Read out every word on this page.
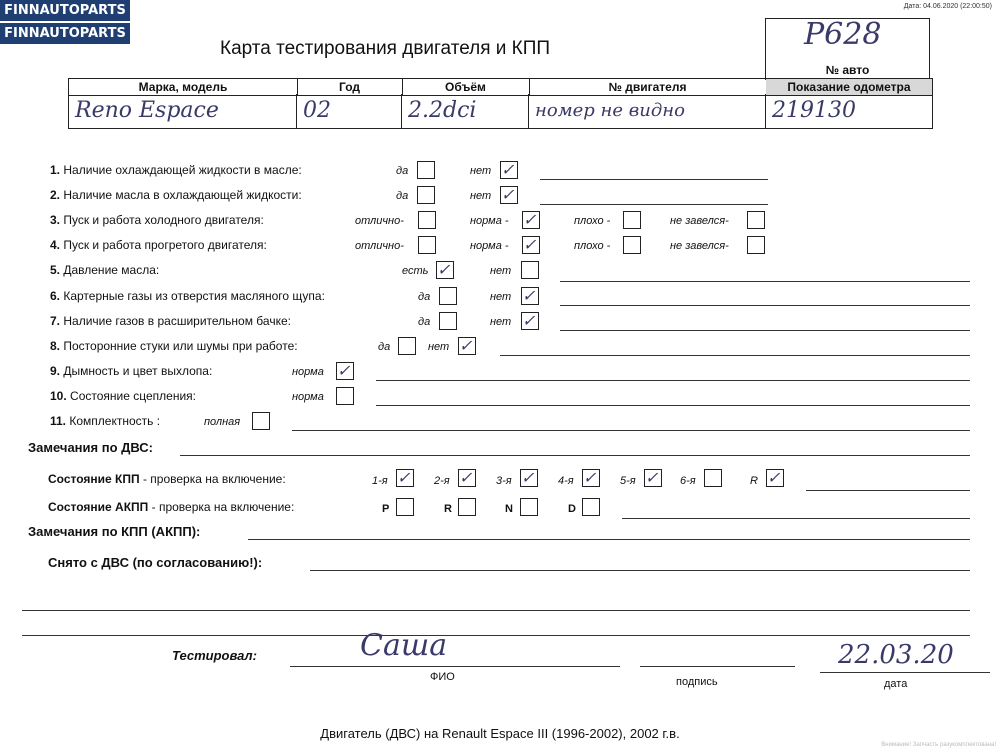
FINNAUTOPARTS
FINNAUTOPARTS
Дата: 04.06.2020 (22:00:50)
Карта тестирования двигателя и КПП	Р628
№ авто
Марка, модель	Год	Объём	№ двигателя	Показание одометра
Reno Espace	02	2.2dci	номер не видно	219130
1. Наличие охлаждающей жидкости в масле:	да	нет ✓
2. Наличие масла в охлаждающей жидкости:	да	нет ✓
3. Пуск и работа холодного двигателя:	отлично-	норма - ✓	плохо -	не завелся-
4. Пуск и работа прогретого двигателя:	отлично-	норма - ✓	плохо -	не завелся-
5. Давление масла:	есть ✓	нет
6. Картерные газы из отверстия масляного щупа:	да	нет ✓
7. Наличие газов в расширительном бачке:	да	нет ✓
8. Посторонние стуки или шумы при работе:	да	нет ✓
9. Дымность и цвет выхлопа:	норма ✓
10. Состояние сцепления:	норма
11. Комплектность :	полная
Замечания по ДВС:
Состояние КПП - проверка на включение:	1-я ✓	2-я ✓	3-я ✓	4-я ✓	5-я ✓	6-я	R ✓
Состояние АКПП - проверка на включение:	P	R	N	D
Замечания по КПП (АКПП):
Снято с ДВС (по согласованию!):
Тестировал:	Саша	22.03.20
ФИО	подпись	дата
Двигатель (ДВС) на Renault Espace III (1996-2002), 2002 г.в.
Внимание! Запчасть разукомплектована!
